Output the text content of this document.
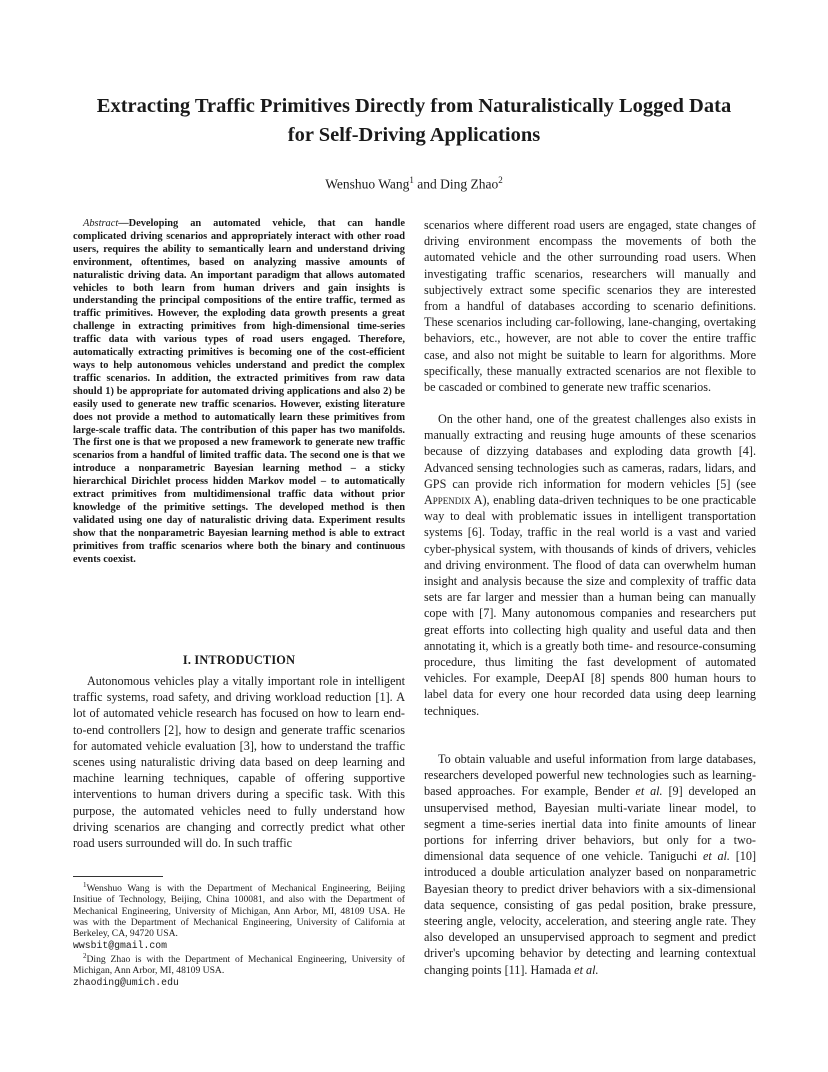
Extracting Traffic Primitives Directly from Naturalistically Logged Data
for Self-Driving Applications

Wenshuo Wang$^1$ and Ding Zhao$^2$

Abstract—Developing an automated vehicle, that can handle complicated driving scenarios and appropriately interact with other road users, requires the ability to semantically learn and understand driving environment, oftentimes, based on analyzing massive amounts of naturalistic driving data. An important paradigm that allows automated vehicles to both learn from human drivers and gain insights is understanding the principal compositions of the entire traffic, termed as traffic primitives. However, the exploding data growth presents a great challenge in extracting primitives from high-dimensional time-series traffic data with various types of road users engaged. Therefore, automatically extracting primitives is becoming one of the cost-efficient ways to help autonomous vehicles understand and predict the complex traffic scenarios. In addition, the extracted primitives from raw data should 1) be appropriate for automated driving applications and also 2) be easily used to generate new traffic scenarios. However, existing literature does not provide a method to automatically learn these primitives from large-scale traffic data. The contribution of this paper has two manifolds. The first one is that we proposed a new framework to generate new traffic scenarios from a handful of limited traffic data. The second one is that we introduce a nonparametric Bayesian learning method – a sticky hierarchical Dirichlet process hidden Markov model – to automatically extract primitives from multidimensional traffic data without prior knowledge of the primitive settings. The developed method is then validated using one day of naturalistic driving data. Experiment results show that the nonparametric Bayesian learning method is able to extract primitives from traffic scenarios where both the binary and continuous events coexist.

I. INTRODUCTION

Autonomous vehicles play a vitally important role in intelligent traffic systems, road safety, and driving workload reduction [1]. A lot of automated vehicle research has focused on how to learn end-to-end controllers [2], how to design and generate traffic scenarios for automated vehicle evaluation [3], how to understand the traffic scenes using naturalistic driving data based on deep learning and machine learning techniques, capable of offering supportive interventions to human drivers during a specific task. With this purpose, the automated vehicles need to fully understand how driving scenarios are changing and correctly predict what other road users surrounded will do. In such traffic

$^1$Wenshuo Wang is with the Department of Mechanical Engineering, Beijing Insitiue of Technology, Beijing, China 100081, and also with the Department of Mechanical Engineering, University of Michigan, Ann Arbor, MI, 48109 USA. He was with the Department of Mechanical Engineering, University of California at Berkeley, CA, 94720 USA.
wwsbit@gmail.com

$^2$Ding Zhao is with the Department of Mechanical Engineering, University of Michigan, Ann Arbor, MI, 48109 USA.
zhaoding@umich.edu

scenarios where different road users are engaged, state changes of driving environment encompass the movements of both the automated vehicle and the other surrounding road users. When investigating traffic scenarios, researchers will manually and subjectively extract some specific scenarios they are interested from a handful of databases according to scenario definitions. These scenarios including car-following, lane-changing, overtaking behaviors, etc., however, are not able to cover the entire traffic case, and also not might be suitable to learn for algorithms. More specifically, these manually extracted scenarios are not flexible to be cascaded or combined to generate new traffic scenarios.

On the other hand, one of the greatest challenges also exists in manually extracting and reusing huge amounts of these scenarios because of dizzying databases and exploding data growth [4]. Advanced sensing technologies such as cameras, radars, lidars, and GPS can provide rich information for modern vehicles [5] (see Appendix A), enabling data-driven techniques to be one practicable way to deal with problematic issues in intelligent transportation systems [6]. Today, traffic in the real world is a vast and varied cyber-physical system, with thousands of kinds of drivers, vehicles and driving environment. The flood of data can overwhelm human insight and analysis because the size and complexity of traffic data sets are far larger and messier than a human being can manually cope with [7]. Many autonomous companies and researchers put great efforts into collecting high quality and useful data and then annotating it, which is a greatly both time- and resource-consuming procedure, thus limiting the fast development of automated vehicles. For example, DeepAI [8] spends 800 human hours to label data for every one hour recorded data using deep learning techniques.

To obtain valuable and useful information from large databases, researchers developed powerful new technologies such as learning-based approaches. For example, Bender et al. [9] developed an unsupervised method, Bayesian multi-variate linear model, to segment a time-series inertial data into finite amounts of linear portions for inferring driver behaviors, but only for a two-dimensional data sequence of one vehicle. Taniguchi et al. [10] introduced a double articulation analyzer based on nonparametric Bayesian theory to predict driver behaviors with a six-dimensional data sequence, consisting of gas pedal position, brake pressure, steering angle, velocity, acceleration, and steering angle rate. They also developed an unsupervised approach to segment and predict driver's upcoming behavior by detecting and learning contextual changing points [11]. Hamada et al.
